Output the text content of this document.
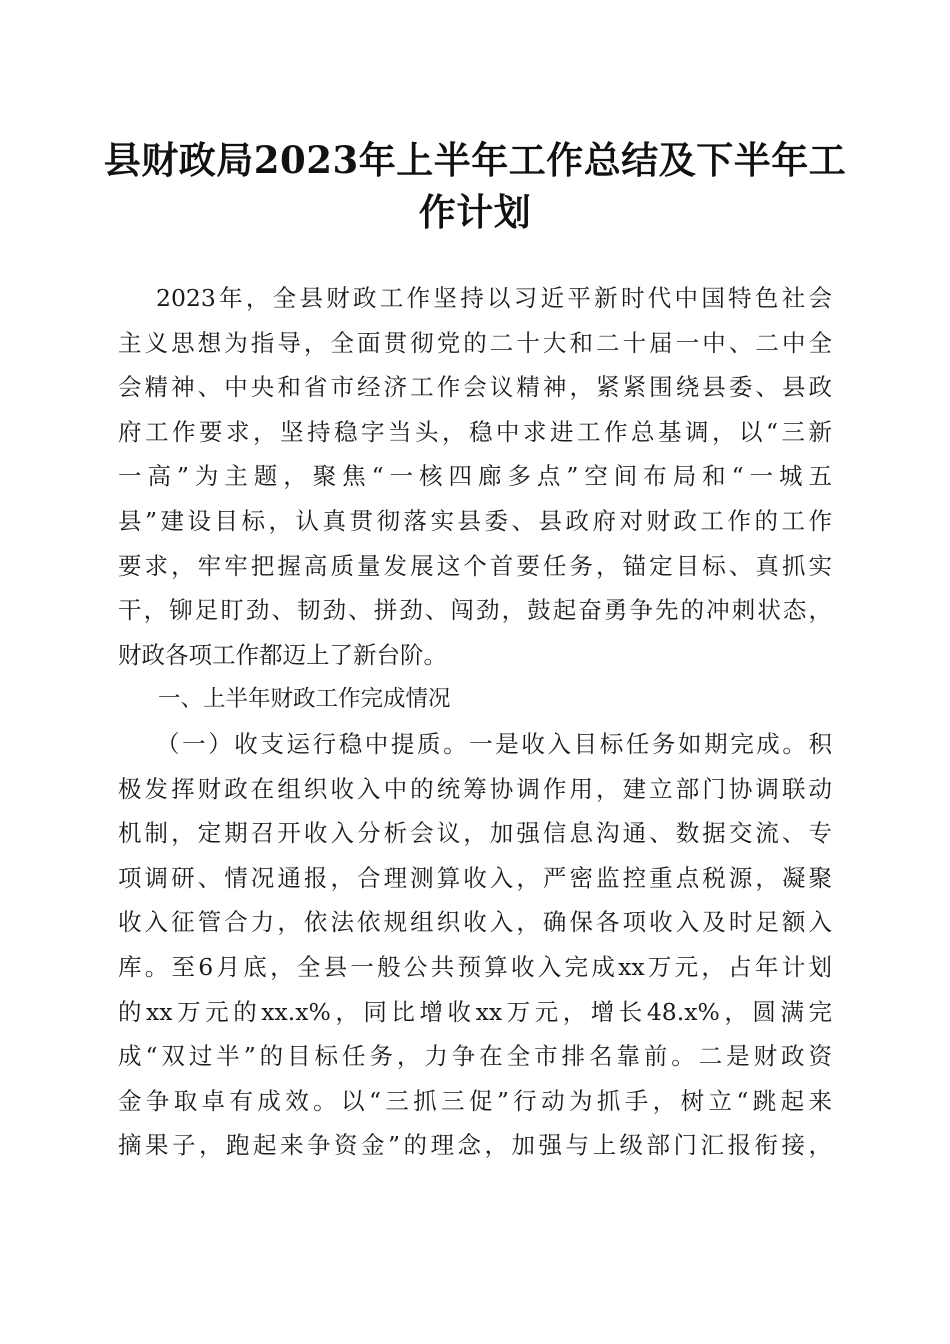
县财政局2023年上半年工作总结及下半年工
作计划
2023年，全县财政工作坚持以习近平新时代中国特色社会
主义思想为指导，全面贯彻党的二十大和二十届一中、二中全
会精神、中央和省市经济工作会议精神，紧紧围绕县委、县政
府工作要求，坚持稳字当头，稳中求进工作总基调，以“三新
一高”为主题，聚焦“一核四廊多点”空间布局和“一城五
县”建设目标，认真贯彻落实县委、县政府对财政工作的工作
要求，牢牢把握高质量发展这个首要任务，锚定目标、真抓实
干，铆足盯劲、韧劲、拼劲、闯劲，鼓起奋勇争先的冲刺状态，
财政各项工作都迈上了新台阶。
一、上半年财政工作完成情况
（一）收支运行稳中提质。一是收入目标任务如期完成。积
极发挥财政在组织收入中的统筹协调作用，建立部门协调联动
机制，定期召开收入分析会议，加强信息沟通、数据交流、专
项调研、情况通报，合理测算收入，严密监控重点税源，凝聚
收入征管合力，依法依规组织收入，确保各项收入及时足额入
库。至6月底，全县一般公共预算收入完成xx万元，占年计划
的xx万元的xx.x%，同比增收xx万元，增长48.x%，圆满完
成“双过半”的目标任务，力争在全市排名靠前。二是财政资
金争取卓有成效。以“三抓三促”行动为抓手，树立“跳起来
摘果子，跑起来争资金”的理念，加强与上级部门汇报衔接，
